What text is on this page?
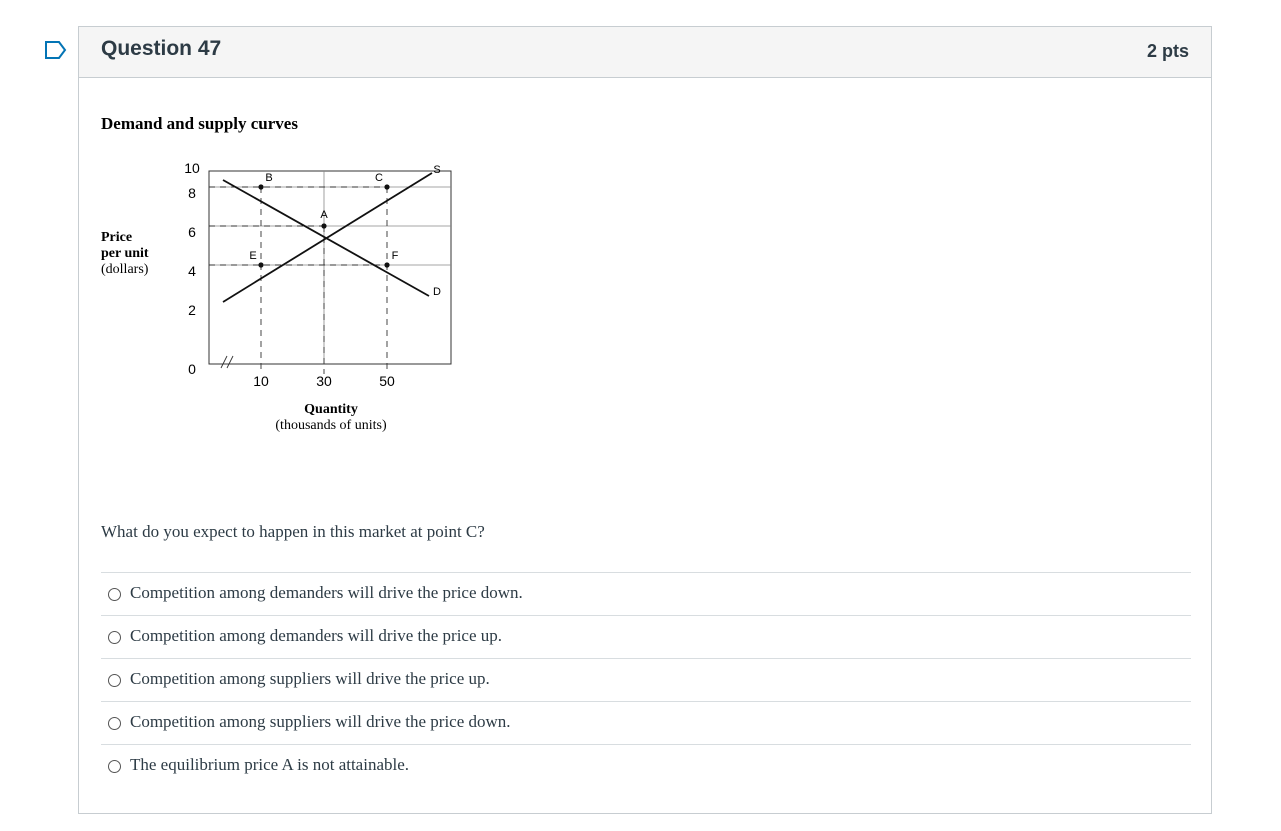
Question 47	2 pts
Demand and supply curves
Price
per unit
(dollars)
D
S
A
B	C
E	F
10
8
6
4
2
0
10	30	50
Quantity
(thousands of units)
What do you expect to happen in this market at point C?
Competition among demanders will drive the price down.
Competition among demanders will drive the price up.
Competition among suppliers will drive the price up.
Competition among suppliers will drive the price down.
The equilibrium price A is not attainable.
